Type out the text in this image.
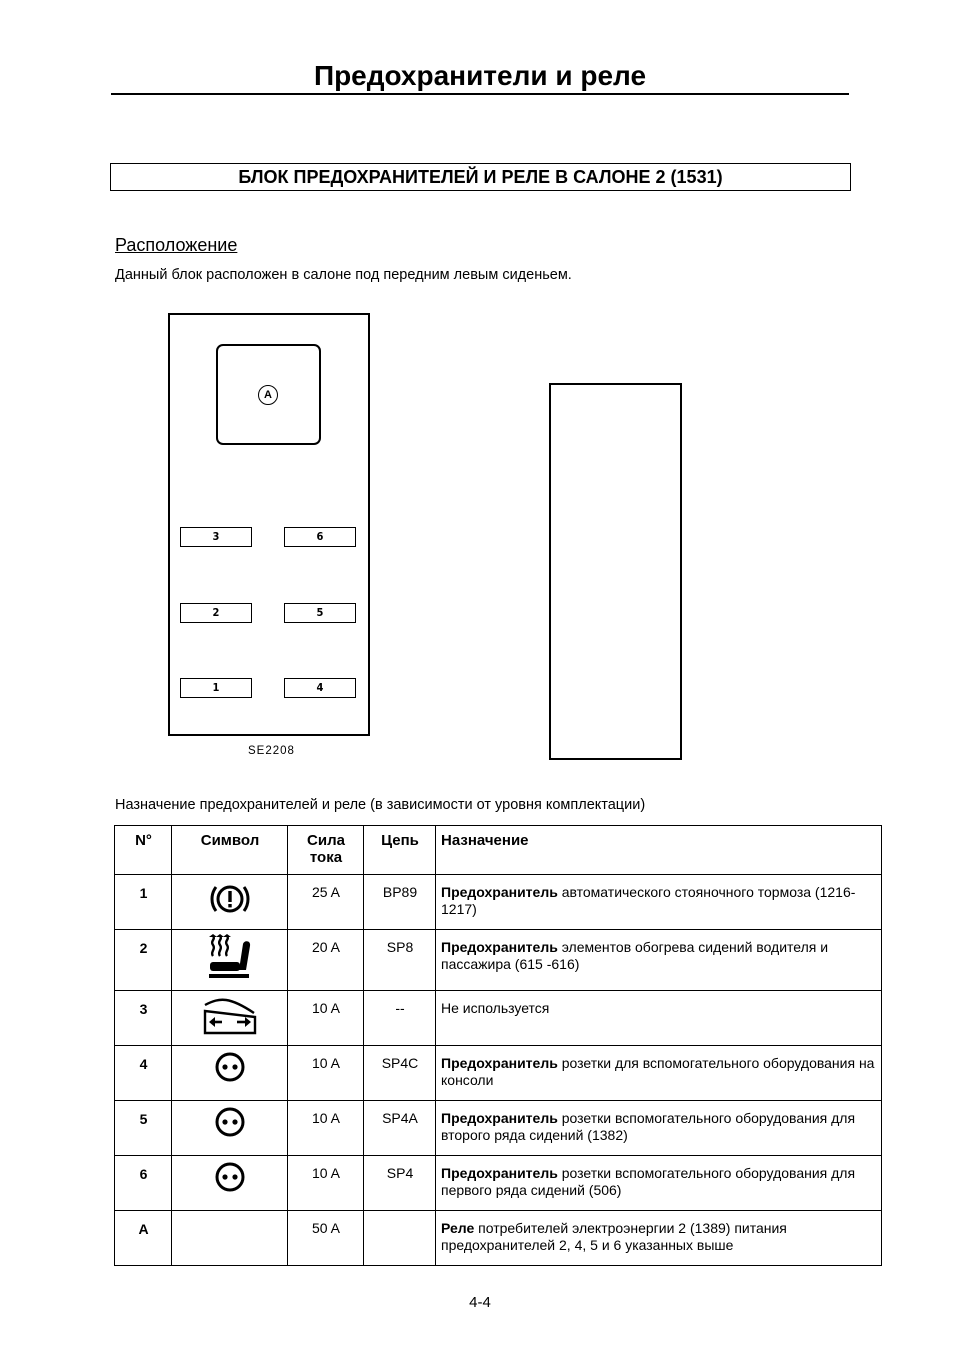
Предохранители и реле
БЛОК ПРЕДОХРАНИТЕЛЕЙ И РЕЛЕ В САЛОНЕ 2 (1531)
Расположение
Данный блок расположен в салоне под передним левым сиденьем.
A
3	6
2	5
1	4
SE2208
Назначение предохранителей и реле (в зависимости от уровня комплектации)
N°	Символ	Сила тока	Цепь	Назначение
1		25 A	BP89	Предохранитель автоматического стояночного тормоза (1216-1217)
2		20 A	SP8	Предохранитель элементов обогрева сидений водителя и пассажира (615 -616)
3		10 A	--	Не используется
4		10 A	SP4C	Предохранитель розетки для вспомогательного оборудования на консоли
5		10 A	SP4A	Предохранитель розетки вспомогательного оборудования для второго ряда сидений (1382)
6		10 A	SP4	Предохранитель розетки вспомогательного оборудования для первого ряда сидений (506)
A		50 A		Реле потребителей электроэнергии 2 (1389) питания предохранителей 2, 4, 5 и 6 указанных выше
4-4
